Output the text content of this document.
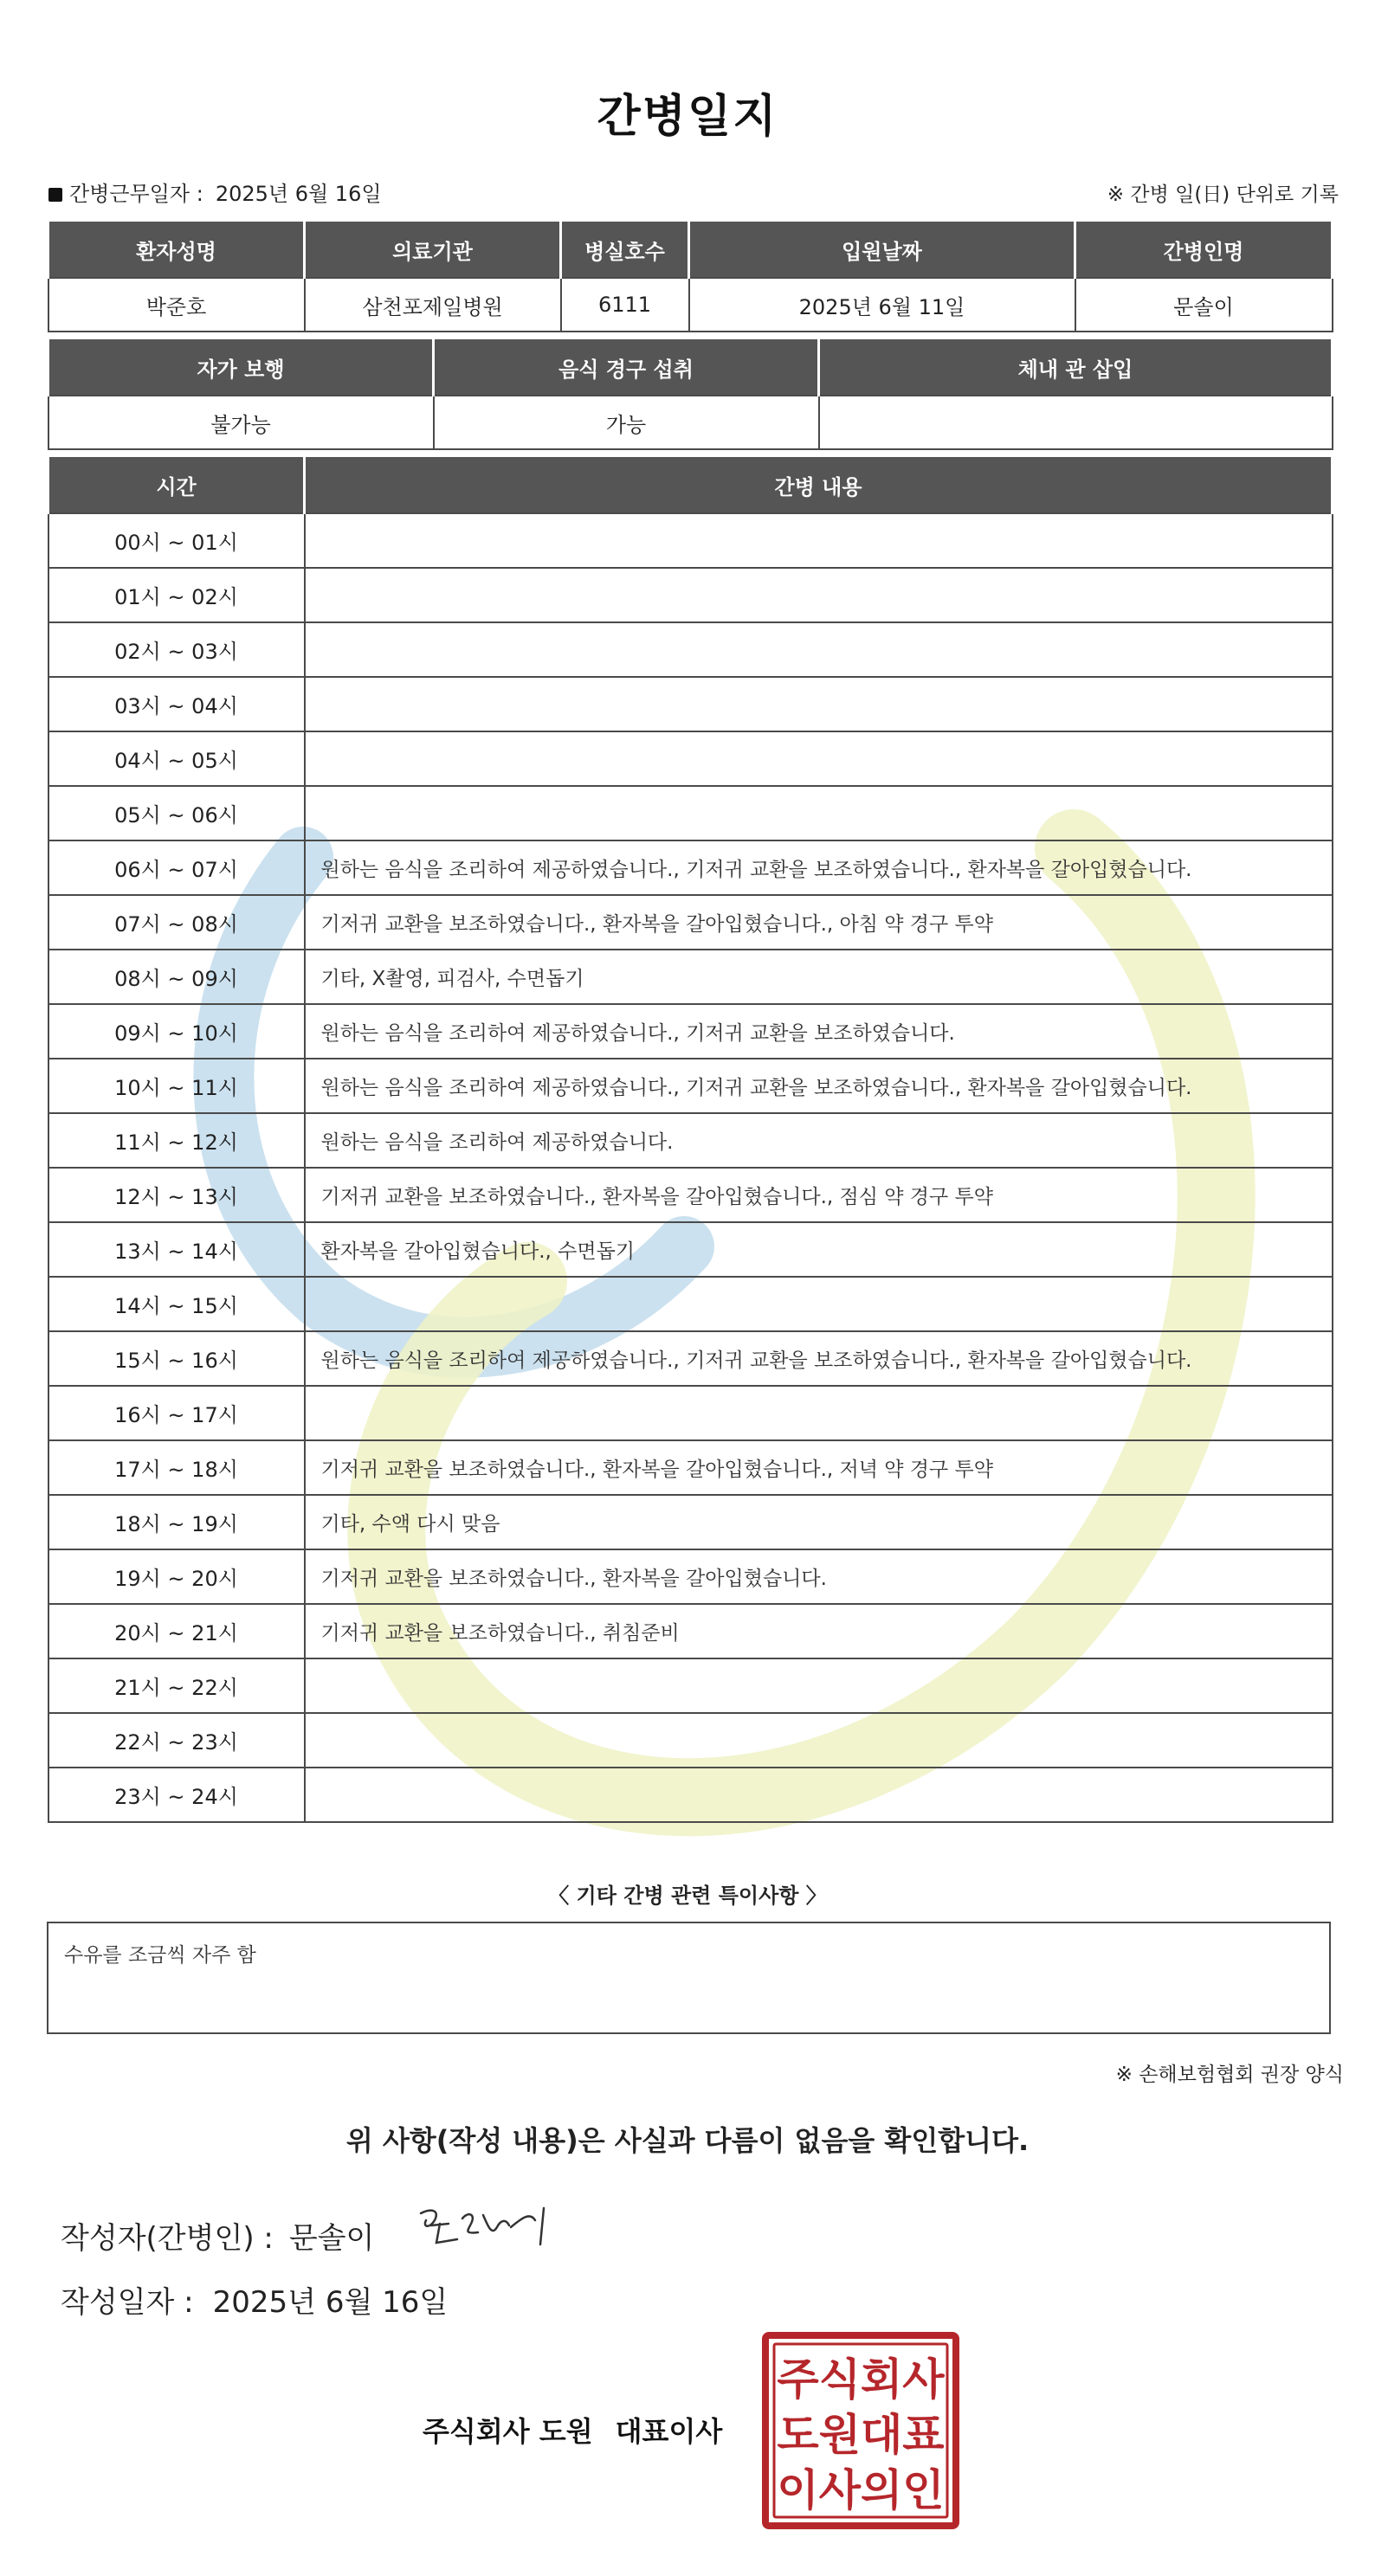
간병일지
간병근무일자 : 2025년 6월 16일	※ 간병 일(日) 단위로 기록
환자성명	의료기관	병실호수	입원날짜	간병인명
박준호	삼천포제일병원	6111	2025년 6월 11일	문솔이
자가 보행	음식 경구 섭취	체내 관 삽입
불가능	가능	
시간	간병 내용
00시 ~ 01시	
01시 ~ 02시	
02시 ~ 03시	
03시 ~ 04시	
04시 ~ 05시	
05시 ~ 06시	
06시 ~ 07시	원하는 음식을 조리하여 제공하였습니다., 기저귀 교환을 보조하였습니다., 환자복을 갈아입혔습니다.
07시 ~ 08시	기저귀 교환을 보조하였습니다., 환자복을 갈아입혔습니다., 아침 약 경구 투약
08시 ~ 09시	기타, X촬영, 피검사, 수면돕기
09시 ~ 10시	원하는 음식을 조리하여 제공하였습니다., 기저귀 교환을 보조하였습니다.
10시 ~ 11시	원하는 음식을 조리하여 제공하였습니다., 기저귀 교환을 보조하였습니다., 환자복을 갈아입혔습니다.
11시 ~ 12시	원하는 음식을 조리하여 제공하였습니다.
12시 ~ 13시	기저귀 교환을 보조하였습니다., 환자복을 갈아입혔습니다., 점심 약 경구 투약
13시 ~ 14시	환자복을 갈아입혔습니다., 수면돕기
14시 ~ 15시	
15시 ~ 16시	원하는 음식을 조리하여 제공하였습니다., 기저귀 교환을 보조하였습니다., 환자복을 갈아입혔습니다.
16시 ~ 17시	
17시 ~ 18시	기저귀 교환을 보조하였습니다., 환자복을 갈아입혔습니다., 저녁 약 경구 투약
18시 ~ 19시	기타, 수액 다시 맞음
19시 ~ 20시	기저귀 교환을 보조하였습니다., 환자복을 갈아입혔습니다.
20시 ~ 21시	기저귀 교환을 보조하였습니다., 취침준비
21시 ~ 22시	
22시 ~ 23시	
23시 ~ 24시	
〈 기타 간병 관련 특이사항 〉
수유를 조금씩 자주 함
※ 손해보험협회 권장 양식
위 사항(작성 내용)은 사실과 다름이 없음을 확인합니다.
작성자(간병인) : 문솔이
작성일자 : 2025년 6월 16일
주식회사 도원 대표이사
주식회사
도원대표
이사의인
